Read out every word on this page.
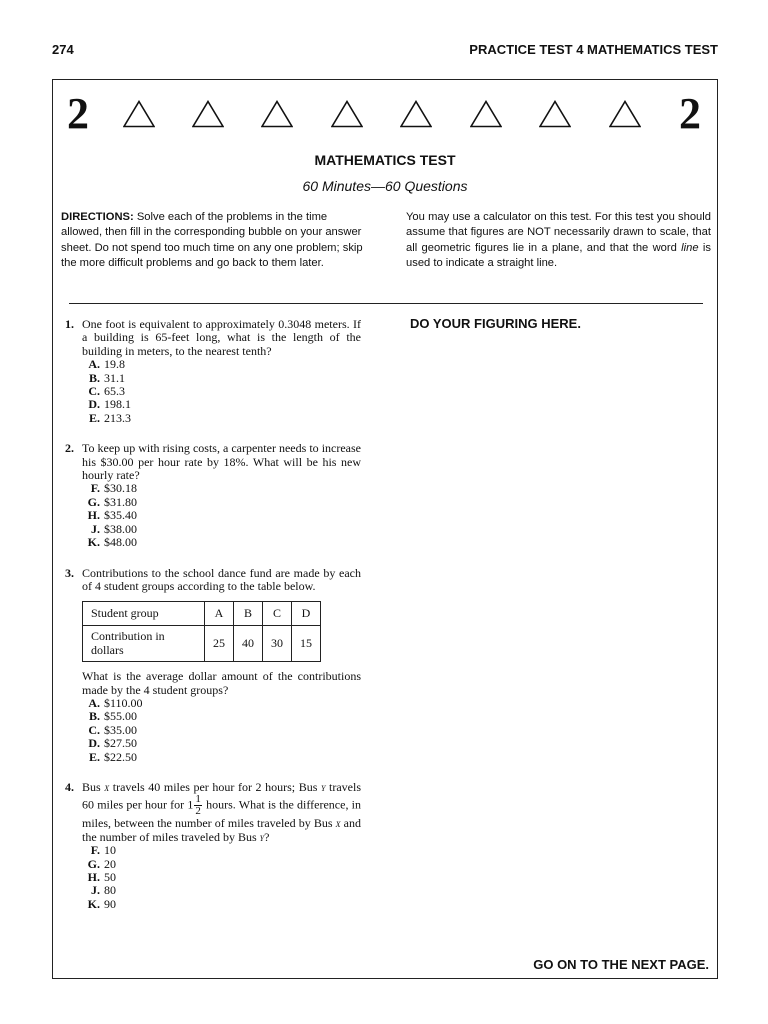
274	PRACTICE TEST 4 MATHEMATICS TEST
2	2
MATHEMATICS TEST
60 Minutes—60 Questions
DIRECTIONS: Solve each of the problems in the time allowed, then fill in the corresponding bubble on your answer sheet. Do not spend too much time on any one problem; skip the more difficult problems and go back to them later.
You may use a calculator on this test. For this test you should assume that figures are NOT necessarily drawn to scale, that all geometric figures lie in a plane, and that the word line is used to indicate a straight line.
DO YOUR FIGURING HERE.
1. One foot is equivalent to approximately 0.3048 meters. If a building is 65-feet long, what is the length of the building in meters, to the nearest tenth?
A. 19.8
B. 31.1
C. 65.3
D. 198.1
E. 213.3
2. To keep up with rising costs, a carpenter needs to increase his $30.00 per hour rate by 18%. What will be his new hourly rate?
F. $30.18
G. $31.80
H. $35.40
J. $38.00
K. $48.00
3. Contributions to the school dance fund are made by each of 4 student groups according to the table below.
Student group	A	B	C	D
Contribution in dollars	25	40	30	15
What is the average dollar amount of the contributions made by the 4 student groups?
A. $110.00
B. $55.00
C. $35.00
D. $27.50
E. $22.50
4. Bus x travels 40 miles per hour for 2 hours; Bus y travels 60 miles per hour for $1 \frac{1}{2}$ hours. What is the difference, in miles, between the number of miles traveled by Bus x and the number of miles traveled by Bus y?
F. 10
G. 20
H. 50
J. 80
K. 90
GO ON TO THE NEXT PAGE.
